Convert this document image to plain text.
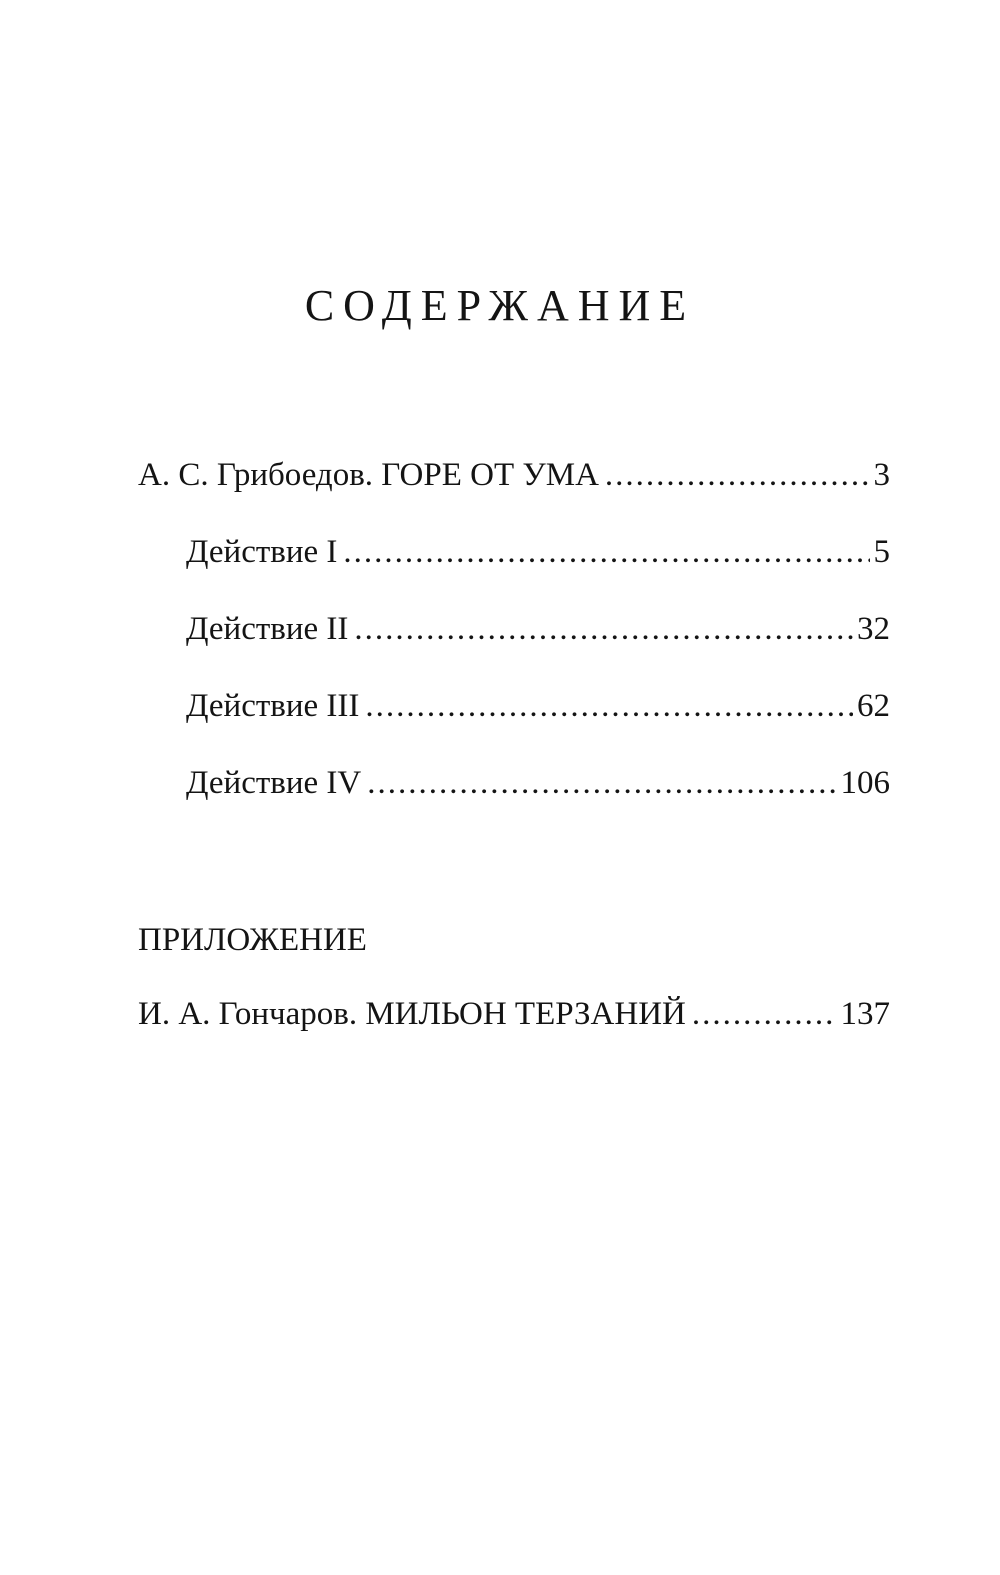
СОДЕРЖАНИЕ
А. С. Грибоедов. ГОРЕ ОТ УМА .....	3
Действие I .....	5
Действие II .....	32
Действие III .....	62
Действие IV .....	106
ПРИЛОЖЕНИЕ
И. А. Гончаров. МИЛЬОН ТЕРЗАНИЙ .....	137
